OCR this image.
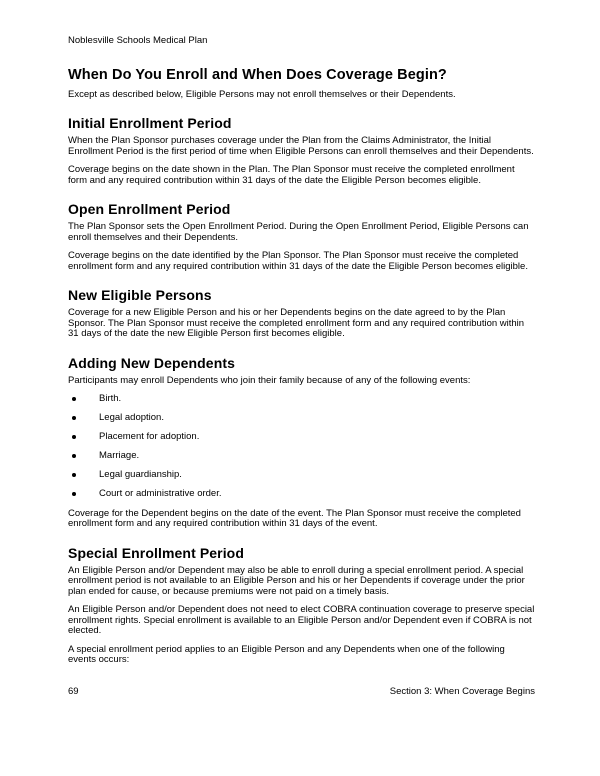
Noblesville Schools Medical Plan
When Do You Enroll and When Does Coverage Begin?

Except as described below, Eligible Persons may not enroll themselves or their Dependents.

Initial Enrollment Period

When the Plan Sponsor purchases coverage under the Plan from the Claims Administrator, the Initial Enrollment Period is the first period of time when Eligible Persons can enroll themselves and their Dependents.

Coverage begins on the date shown in the Plan. The Plan Sponsor must receive the completed enrollment form and any required contribution within 31 days of the date the Eligible Person becomes eligible.

Open Enrollment Period

The Plan Sponsor sets the Open Enrollment Period. During the Open Enrollment Period, Eligible Persons can enroll themselves and their Dependents.

Coverage begins on the date identified by the Plan Sponsor. The Plan Sponsor must receive the completed enrollment form and any required contribution within 31 days of the date the Eligible Person becomes eligible.

New Eligible Persons

Coverage for a new Eligible Person and his or her Dependents begins on the date agreed to by the Plan Sponsor. The Plan Sponsor must receive the completed enrollment form and any required contribution within 31 days of the date the new Eligible Person first becomes eligible.

Adding New Dependents

Participants may enroll Dependents who join their family because of any of the following events:

Birth.
Legal adoption.
Placement for adoption.
Marriage.
Legal guardianship.
Court or administrative order.

Coverage for the Dependent begins on the date of the event. The Plan Sponsor must receive the completed enrollment form and any required contribution within 31 days of the event.

Special Enrollment Period

An Eligible Person and/or Dependent may also be able to enroll during a special enrollment period. A special enrollment period is not available to an Eligible Person and his or her Dependents if coverage under the prior plan ended for cause, or because premiums were not paid on a timely basis.

An Eligible Person and/or Dependent does not need to elect COBRA continuation coverage to preserve special enrollment rights. Special enrollment is available to an Eligible Person and/or Dependent even if COBRA is not elected.

A special enrollment period applies to an Eligible Person and any Dependents when one of the following events occurs:

69	Section 3: When Coverage Begins
